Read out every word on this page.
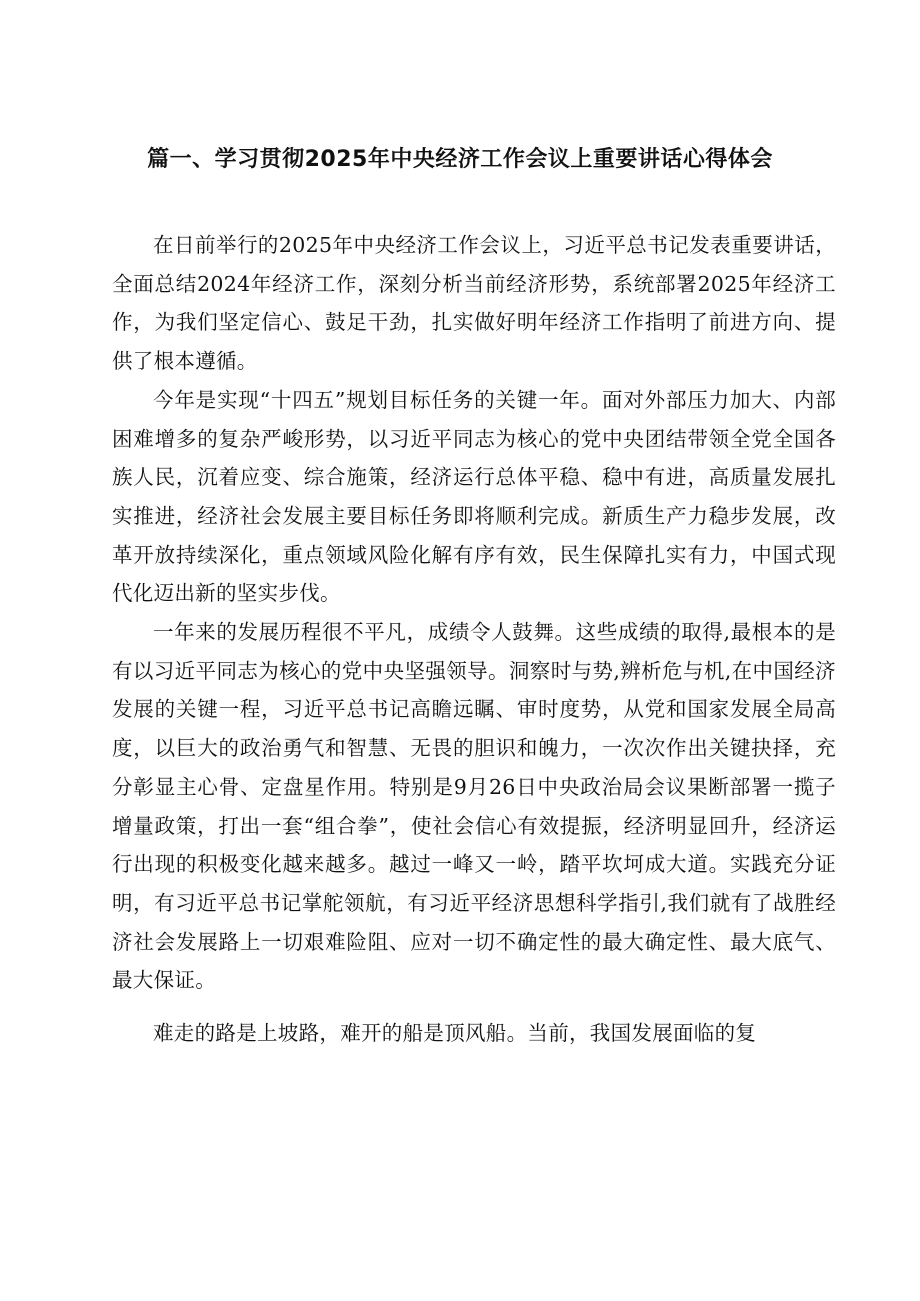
篇一、学习贯彻2025年中央经济工作会议上重要讲话心得体会

在日前举行的2025年中央经济工作会议上，习近平总书记发表重要讲话，全面总结2024年经济工作，深刻分析当前经济形势，系统部署2025年经济工作，为我们坚定信心、鼓足干劲，扎实做好明年经济工作指明了前进方向、提供了根本遵循。

今年是实现“十四五”规划目标任务的关键一年。面对外部压力加大、内部困难增多的复杂严峻形势，以习近平同志为核心的党中央团结带领全党全国各族人民，沉着应变、综合施策，经济运行总体平稳、稳中有进，高质量发展扎实推进，经济社会发展主要目标任务即将顺利完成。新质生产力稳步发展，改革开放持续深化，重点领域风险化解有序有效，民生保障扎实有力，中国式现代化迈出新的坚实步伐。

一年来的发展历程很不平凡，成绩令人鼓舞。这些成绩的取得,最根本的是有以习近平同志为核心的党中央坚强领导。洞察时与势,辨析危与机,在中国经济发展的关键一程，习近平总书记高瞻远瞩、审时度势，从党和国家发展全局高度，以巨大的政治勇气和智慧、无畏的胆识和魄力，一次次作出关键抉择，充分彰显主心骨、定盘星作用。特别是9月26日中央政治局会议果断部署一揽子增量政策，打出一套“组合拳”，使社会信心有效提振，经济明显回升，经济运行出现的积极变化越来越多。越过一峰又一岭，踏平坎坷成大道。实践充分证明，有习近平总书记掌舵领航，有习近平经济思想科学指引,我们就有了战胜经济社会发展路上一切艰难险阻、应对一切不确定性的最大确定性、最大底气、最大保证。

难走的路是上坡路，难开的船是顶风船。当前，我国发展面临的复
